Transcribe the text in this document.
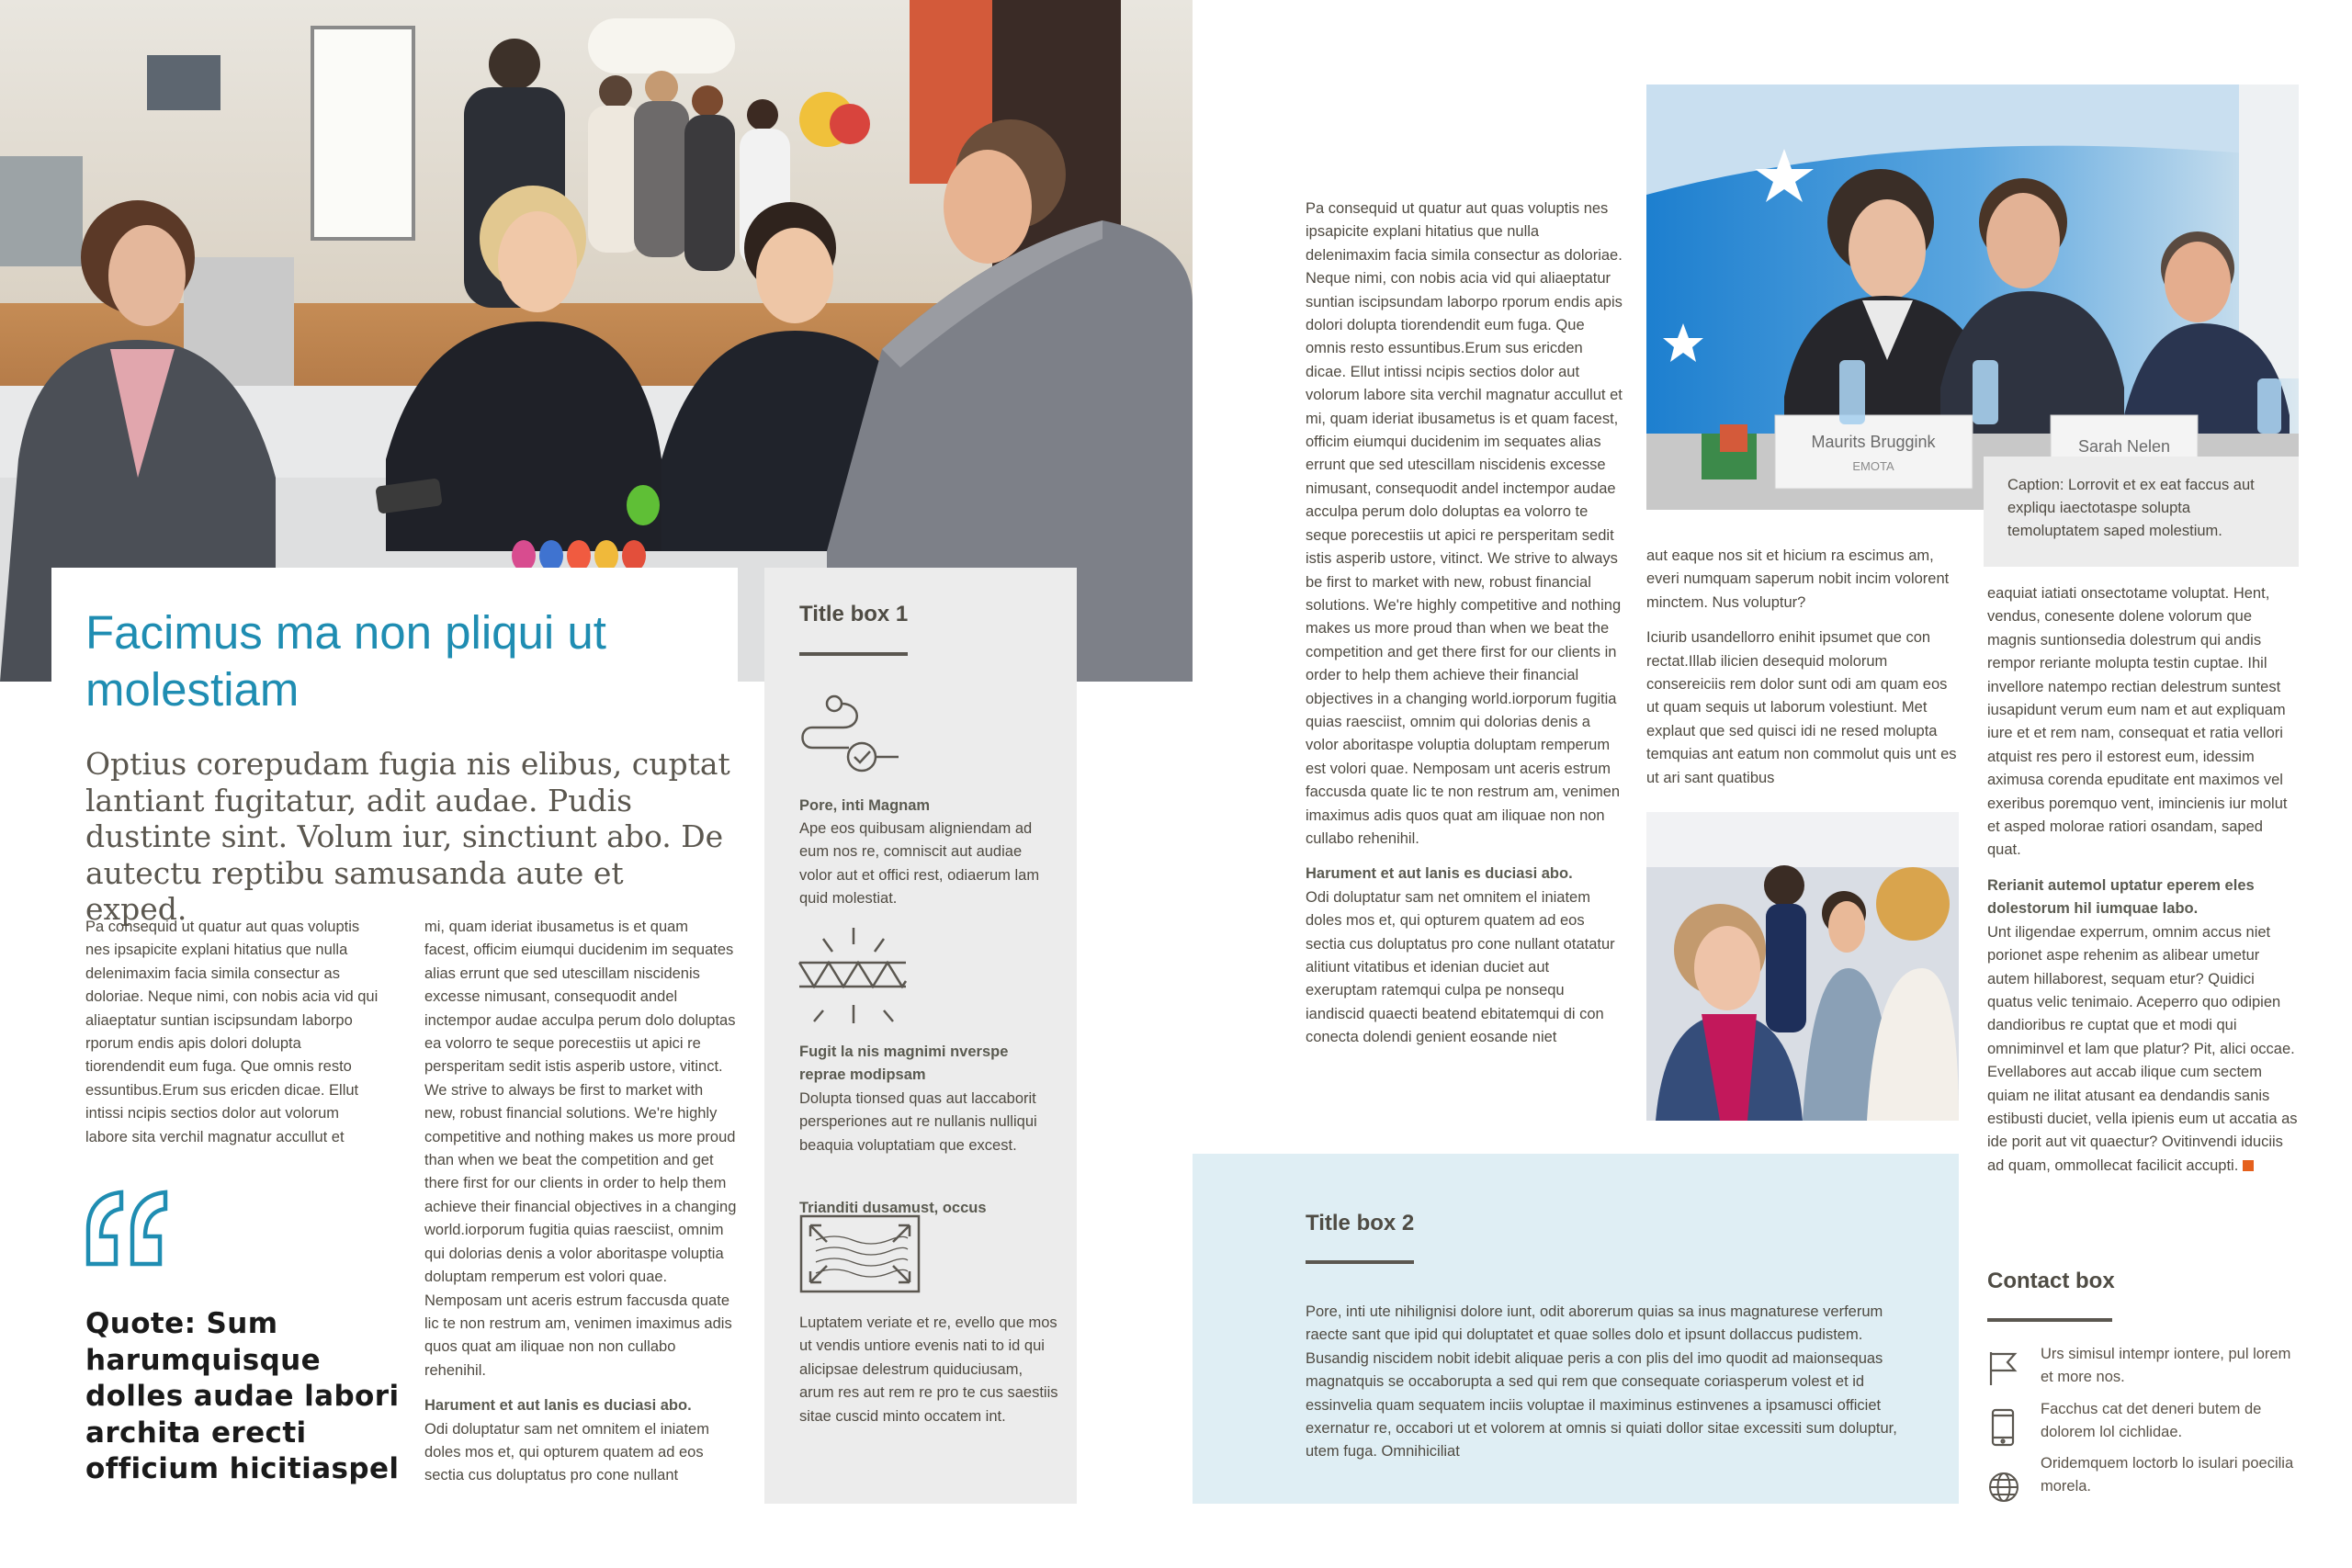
Facimus ma non pliqui ut molestiam

Optius corepudam fugia nis elibus, cuptat lantiant fugitatur, adit audae. Pudis dustinte sint. Volum iur, sinctiunt abo. De autectu reptibu samusanda aute et exped.

Pa consequid ut quatur aut quas voluptis nes ipsapicite explani hitatius que nulla delenimaxim facia simila consectur as doloriae. Neque nimi, con nobis acia vid qui aliaeptatur suntian iscipsundam laborpo rporum endis apis dolori dolupta tiorendendit eum fuga. Que omnis resto essuntibus.Erum sus ericden dicae. Ellut intissi ncipis sectios dolor aut volorum labore sita verchil magnatur accullut et

Quote: Sum harumquisque dolles audae labori archita erecti officium hicitiaspel

mi, quam ideriat ibusametus is et quam facest, officim eiumqui ducidenim im sequates alias errunt que sed utescillam niscidenis excesse nimusant, consequodit andel inctempor audae acculpa perum dolo doluptas ea volorro te seque porecestiis ut apici re persperitam sedit istis asperib ustore, vitinct. We strive to always be first to market with new, robust financial solutions. We're highly competitive and nothing makes us more proud than when we beat the competition and get there first for our clients in order to help them achieve their financial objectives in a changing world.iorporum fugitia quias raesciist, omnim qui dolorias denis a volor aboritaspe voluptia doluptam remperum est volori quae. Nemposam unt aceris estrum faccusda quate lic te non restrum am, venimen imaximus adis quos quat am iliquae non non cullabo rehenihil.

Harument et aut lanis es duciasi abo.

Odi doluptatur sam net omnitem el iniatem doles mos et, qui opturem quatem ad eos sectia cus doluptatus pro cone nullant

Title box 1
Pore, inti Magnam
Ape eos quibusam aligniendam ad eum nos re, comniscit aut audiae volor aut et offici rest, odiaerum lam quid molestiat.
Fugit la nis magnimi nverspe reprae modipsam
Dolupta tionsed quas aut laccaborit persperiones aut re nullanis nulliqui beaquia voluptatiam que excest.
Trianditi dusamust, occus
Luptatem veriate et re, evello que mos ut vendis untiore evenis nati to id qui alicipsae delestrum quiduciusam, arum res aut rem re pro te cus saestiis sitae cuscid minto occatem int.

Pa consequid ut quatur aut quas voluptis nes ipsapicite explani hitatius que nulla delenimaxim facia simila consectur as doloriae. Neque nimi, con nobis acia vid qui aliaeptatur suntian iscipsundam laborpo rporum endis apis dolori dolupta tiorendendit eum fuga. Que omnis resto essuntibus.Erum sus ericden dicae. Ellut intissi ncipis sectios dolor aut volorum labore sita verchil magnatur accullut et mi, quam ideriat ibusametus is et quam facest, officim eiumqui ducidenim im sequates alias errunt que sed utescillam niscidenis excesse nimusant, consequodit andel inctempor audae acculpa perum dolo doluptas ea volorro te seque porecestiis ut apici re persperitam sedit istis asperib ustore, vitinct. We strive to always be first to market with new, robust financial solutions. We're highly competitive and nothing makes us more proud than when we beat the competition and get there first for our clients in order to help them achieve their financial objectives in a changing world.iorporum fugitia quias raesciist, omnim qui dolorias denis a volor aboritaspe voluptia doluptam remperum est volori quae. Nemposam unt aceris estrum faccusda quate lic te non restrum am, venimen imaximus adis quos quat am iliquae non non cullabo rehenihil.

Harument et aut lanis es duciasi abo.

Odi doluptatur sam net omnitem el iniatem doles mos et, qui opturem quatem ad eos sectia cus doluptatus pro cone nullant otatatur alitiunt vitatibus et idenian duciet aut exeruptam ratemqui culpa pe nonsequ iandiscid quaecti beatend ebitatemqui di con conecta dolendi genient eosande niet

Maurits Bruggink
EMOTA
Sarah Nelen
Caption: Lorrovit et ex eat faccus aut expliqu iaectotaspe solupta temoluptatem saped molestium.

aut eaque nos sit et hicium ra escimus am, everi numquam saperum nobit incim volorent minctem. Nus voluptur?

Iciurib usandellorro enihit ipsumet que con rectat.Illab ilicien desequid molorum consereiciis rem dolor sunt odi am quam eos ut quam sequis ut laborum volestiunt. Met explaut que sed quisci idi ne resed molupta temquias ant eatum non commolut quis unt es ut ari sant quatibus

eaquiat iatiati onsectotame voluptat. Hent, vendus, conesente dolene volorum que magnis suntionsedia dolestrum qui andis rempor reriante molupta testin cuptae. Ihil invellore natempo rectian delestrum suntest iusapidunt verum eum nam et aut expliquam iure et et rem nam, consequat et ratia vellori atquist res pero il estorest eum, idessim aximusa corenda epuditate ent maximos vel exeribus poremquo vent, imincienis iur molut et asped molorae ratiori osandam, saped quat.

Rerianit autemol uptatur eperem eles dolestorum hil iumquae labo.

Unt iligendae experrum, omnim accus niet porionet aspe rehenim as alibear umetur autem hillaborest, sequam etur? Quidici quatus velic tenimaio. Aceperro quo odipien dandioribus re cuptat que et modi qui omniminvel et lam que platur? Pit, alici occae. Evellabores aut accab ilique cum sectem quiam ne ilitat atusant ea dendandis sanis estibusti duciet, vella ipienis eum ut accatia as ide porit aut vit quaectur? Ovitinvendi iduciis ad quam, ommollecat facilicit accupti.

Title box 2
Pore, inti ute nihilignisi dolore iunt, odit aborerum quias sa inus magnaturese verferum raecte sant que ipid qui doluptatet et quae solles dolo et ipsunt dollaccus pudistem. Busandig niscidem nobit idebit aliquae peris a con plis del imo quodit ad maionsequas magnatquis se occaborupta a sed qui rem que consequate coriasperum volest et id essinvelia quam sequatem inciis voluptae il maximinus estinvenes a ipsamusci officiet exernatur re, occabori ut et volorem at omnis si quiati dollor sitae excessiti sum doluptur, utem fuga. Omnihiciliat
Contact box
Urs simisul intempr iontere, pul lorem et more nos.
Facchus cat det deneri butem de dolorem lol cichlidae.
Oridemquem loctorb lo isulari poecilia morela.
